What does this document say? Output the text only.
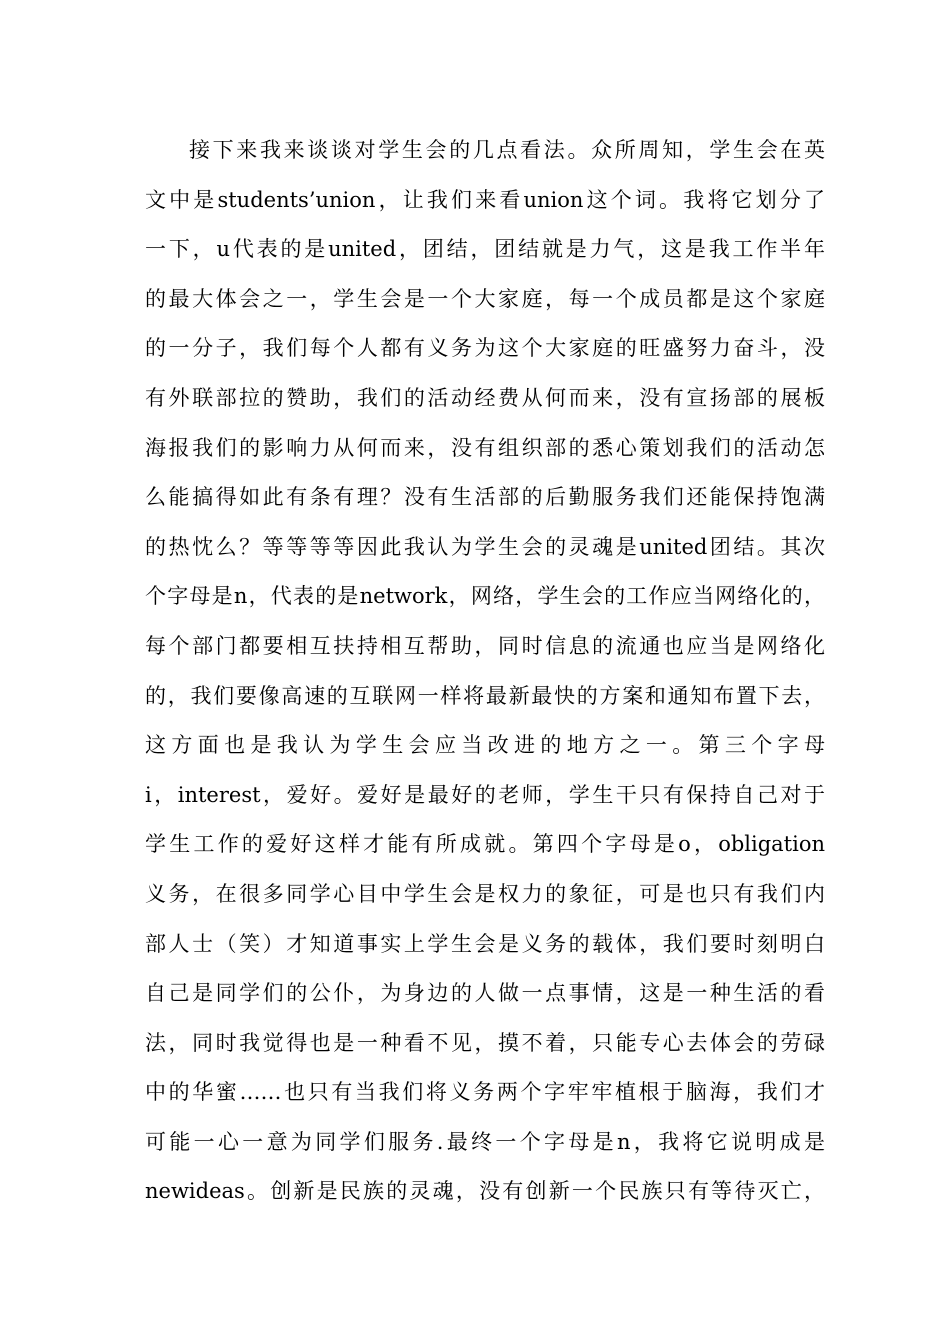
接下来我来谈谈对学生会的几点看法。众所周知，学生会在英
文中是students’union，让我们来看union这个词。我将它划分了
一下，u代表的是united，团结，团结就是力气，这是我工作半年
的最大体会之一，学生会是一个大家庭，每一个成员都是这个家庭
的一分子，我们每个人都有义务为这个大家庭的旺盛努力奋斗，没
有外联部拉的赞助，我们的活动经费从何而来，没有宣扬部的展板
海报我们的影响力从何而来，没有组织部的悉心策划我们的活动怎
么能搞得如此有条有理？没有生活部的后勤服务我们还能保持饱满
的热忱么？等等等等因此我认为学生会的灵魂是united团结。其次
个字母是n，代表的是network，网络，学生会的工作应当网络化的，
每个部门都要相互扶持相互帮助，同时信息的流通也应当是网络化
的，我们要像高速的互联网一样将最新最快的方案和通知布置下去，
这方面也是我认为学生会应当改进的地方之一。第三个字母
i，interest，爱好。爱好是最好的老师，学生干只有保持自己对于
学生工作的爱好这样才能有所成就。第四个字母是o，obligation
义务，在很多同学心目中学生会是权力的象征，可是也只有我们内
部人士（笑）才知道事实上学生会是义务的载体，我们要时刻明白
自己是同学们的公仆，为身边的人做一点事情，这是一种生活的看
法，同时我觉得也是一种看不见，摸不着，只能专心去体会的劳碌
中的华蜜……也只有当我们将义务两个字牢牢植根于脑海，我们才
可能一心一意为同学们服务.最终一个字母是n，我将它说明成是
newideas。创新是民族的灵魂，没有创新一个民族只有等待灭亡，
